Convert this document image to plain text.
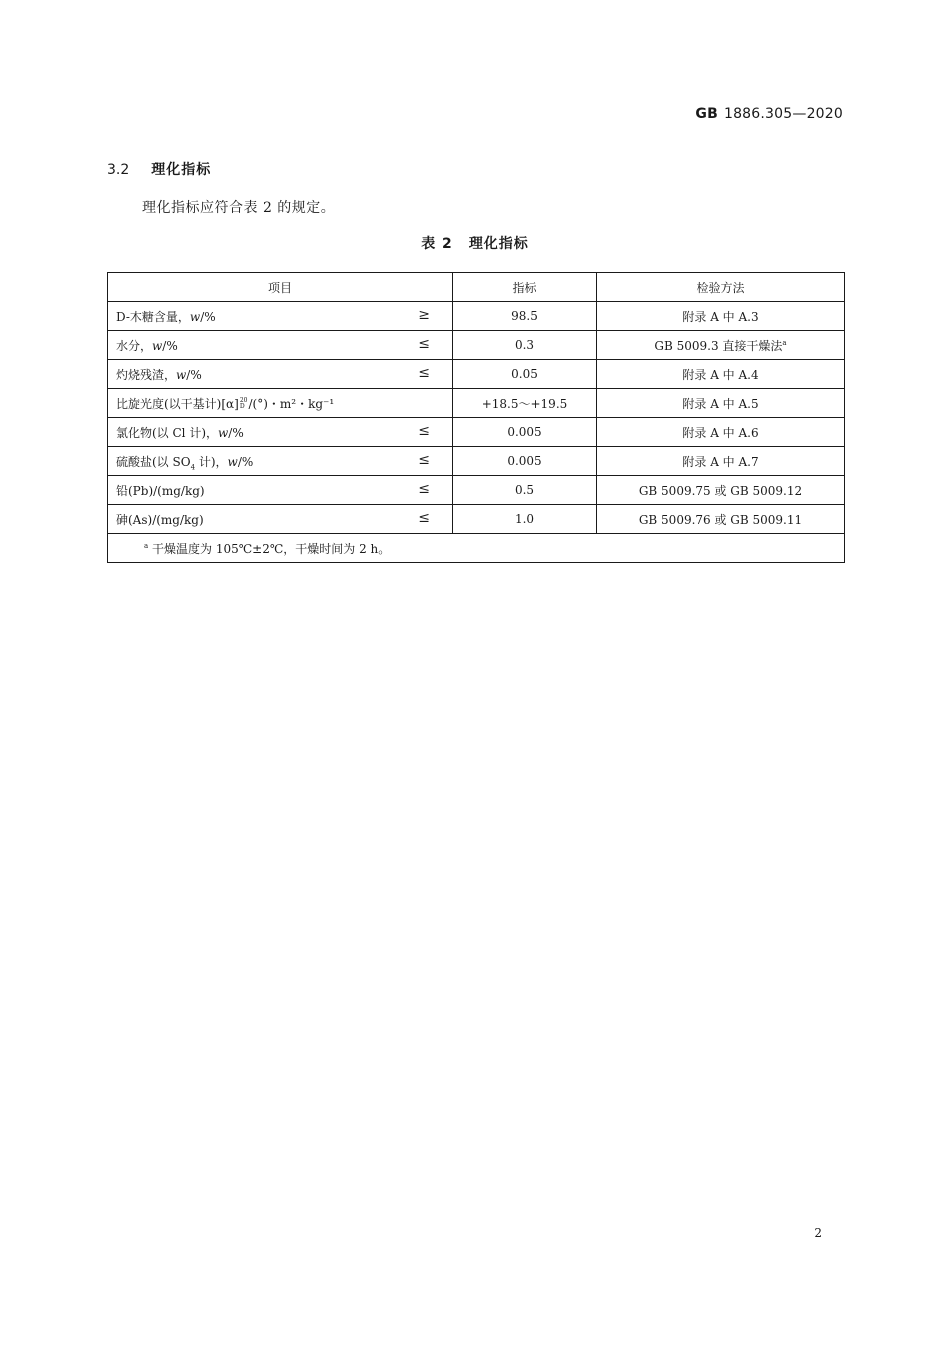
GB 1886.305—2020
3.2 理化指标
理化指标应符合表 2 的规定。
表 2 理化指标
项目	指标	检验方法
D-木糖含量，w/% ≥	98.5	附录 A 中 A.3
水分，w/% ≤	0.3	GB 5009.3 直接干燥法$^a$
灼烧残渣，w/% ≤	0.05	附录 A 中 A.4
比旋光度(以干基计)[α] 20
D /(°)・m²・kg⁻¹	+18.5～+19.5	附录 A 中 A.5
氯化物(以 Cl 计)，w/% ≤	0.005	附录 A 中 A.6
硫酸盐(以 $SO_4$ 计)，w/% ≤	0.005	附录 A 中 A.7
铅(Pb)/(mg/kg) ≤	0.5	GB 5009.75 或 GB 5009.12
砷(As)/(mg/kg) ≤	1.0	GB 5009.76 或 GB 5009.11
$^a$ 干燥温度为 105℃±2℃，干燥时间为 2 h。		
2
